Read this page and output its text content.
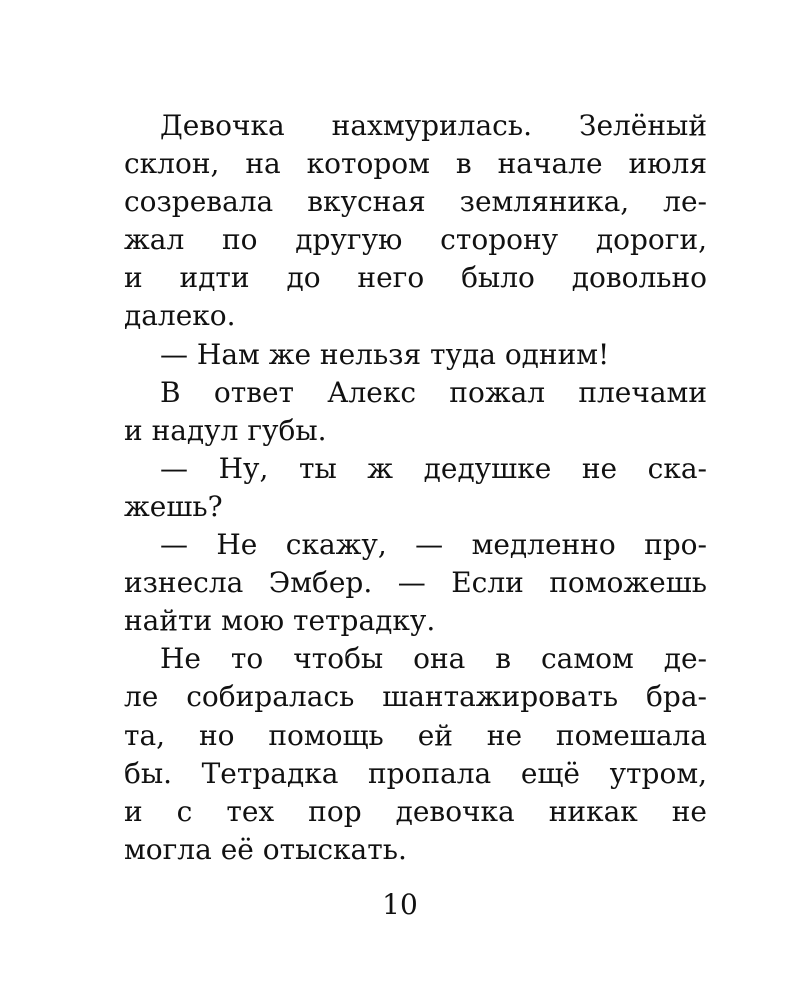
Девочка нахмурилась. Зелёный
склон, на котором в начале июля
созревала вкусная земляника, ле-
жал по другую сторону дороги,
и идти до него было довольно
далеко.
— Нам же нельзя туда одним!
В ответ Алекс пожал плечами
и надул губы.
— Ну, ты ж дедушке не ска-
жешь?
— Не скажу, — медленно про-
изнесла Эмбер. — Если поможешь
найти мою тетрадку.
Не то чтобы она в самом де-
ле собиралась шантажировать бра-
та, но помощь ей не помешала
бы. Тетрадка пропала ещё утром,
и с тех пор девочка никак не
могла её отыскать.
10
